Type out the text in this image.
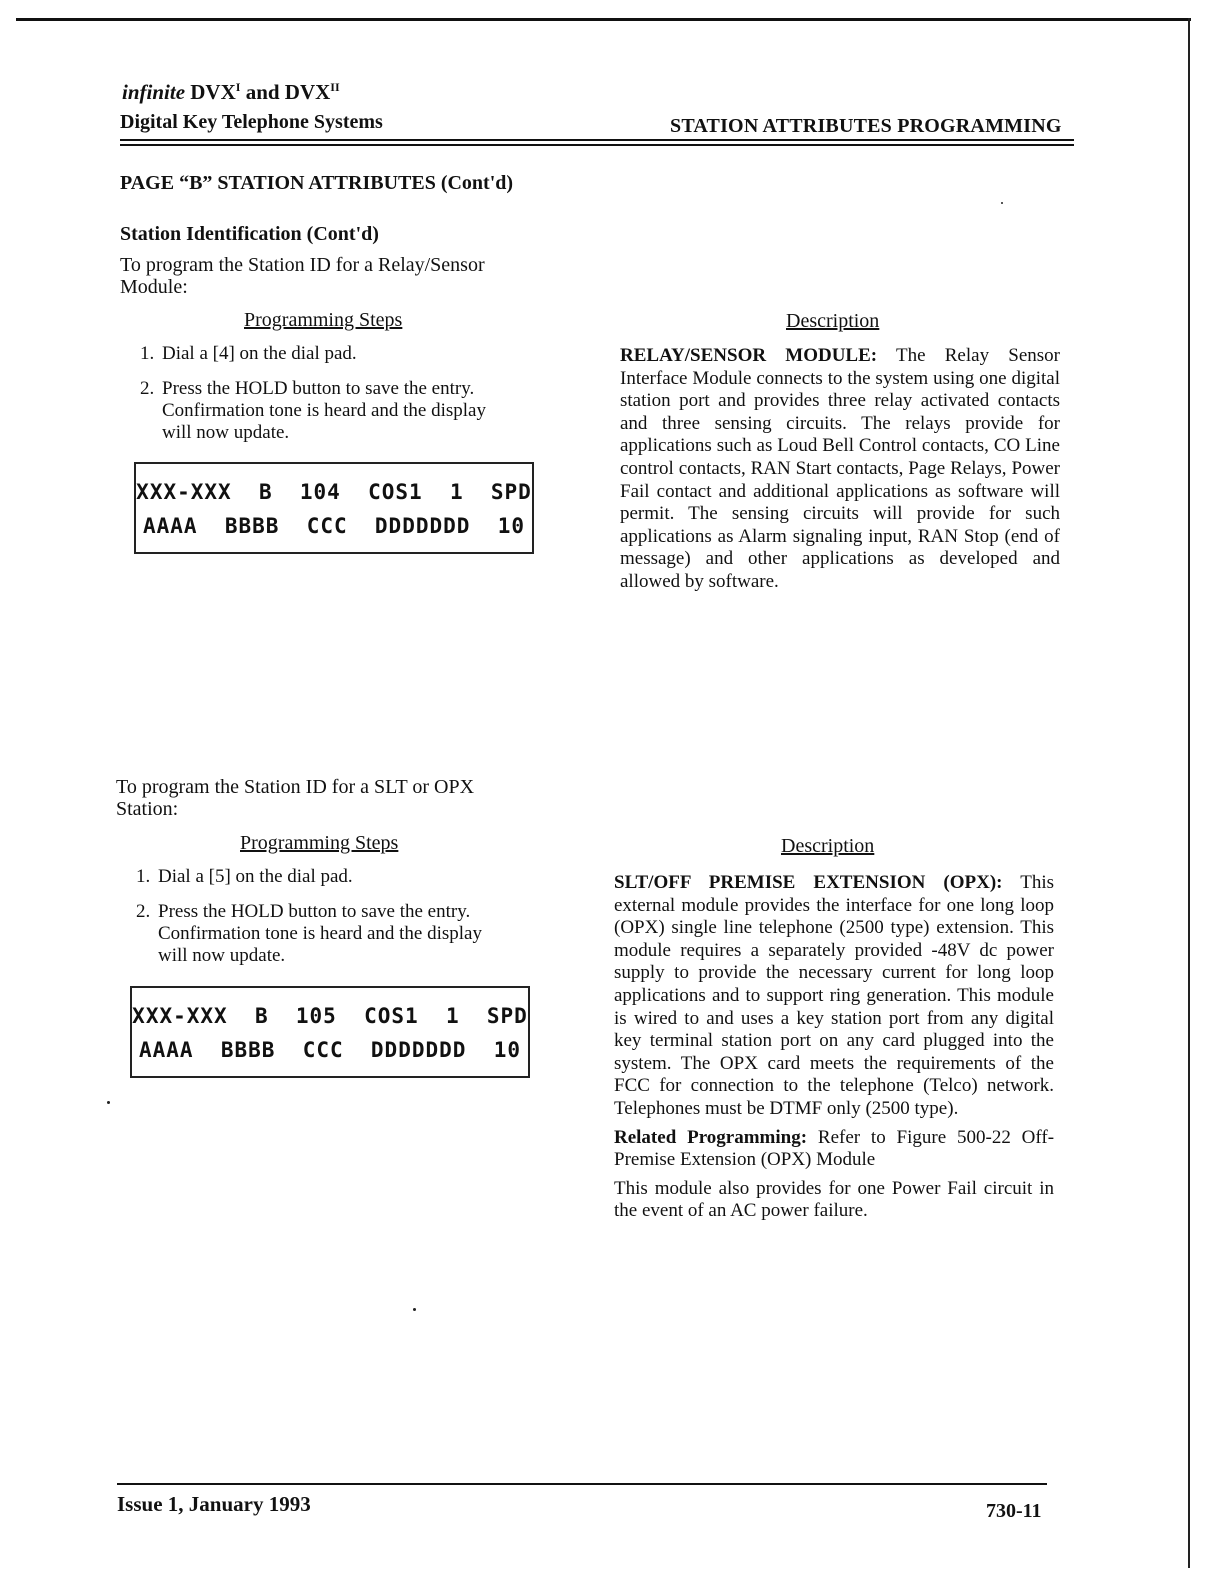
infinite $DVX^I$ and $DVX^{II}$
Digital Key Telephone Systems	STATION ATTRIBUTES PROGRAMMING
PAGE “B” STATION ATTRIBUTES (Cont'd)
Station Identification (Cont'd)
To program the Station ID for a Relay/Sensor
Module:
Programming Steps
1. Dial a [4] on the dial pad.
2. Press the HOLD button to save the entry.
Confirmation tone is heard and the display
will now update.
XXX-XXX  B  104  COS1  1  SPD
AAAA  BBBB  CCC  DDDDDDD  10
Description
RELAY/SENSOR MODULE: The Relay Sensor Interface Module connects to the system using one digital station port and provides three relay activated contacts and three sensing circuits. The relays provide for applications such as Loud Bell Control contacts, CO Line control contacts, RAN Start contacts, Page Relays, Power Fail contact and additional applications as software will permit. The sensing circuits will provide for such applications as Alarm signaling input, RAN Stop (end of message) and other applications as developed and allowed by software.
To program the Station ID for a SLT or OPX
Station:
Programming Steps
1. Dial a [5] on the dial pad.
2. Press the HOLD button to save the entry.
Confirmation tone is heard and the display
will now update.
XXX-XXX  B  105  COS1  1  SPD
AAAA  BBBB  CCC  DDDDDDD  10
Description
SLT/OFF PREMISE EXTENSION (OPX): This external module provides the interface for one long loop (OPX) single line telephone (2500 type) extension. This module requires a separately provided -48V dc power supply to provide the necessary current for long loop applications and to support ring generation. This module is wired to and uses a key station port from any digital key terminal station port on any card plugged into the system. The OPX card meets the requirements of the FCC for connection to the telephone (Telco) network. Telephones must be DTMF only (2500 type).
Related Programming: Refer to Figure 500-22 Off-Premise Extension (OPX) Module
This module also provides for one Power Fail circuit in the event of an AC power failure.
Issue 1, January 1993	730-11
